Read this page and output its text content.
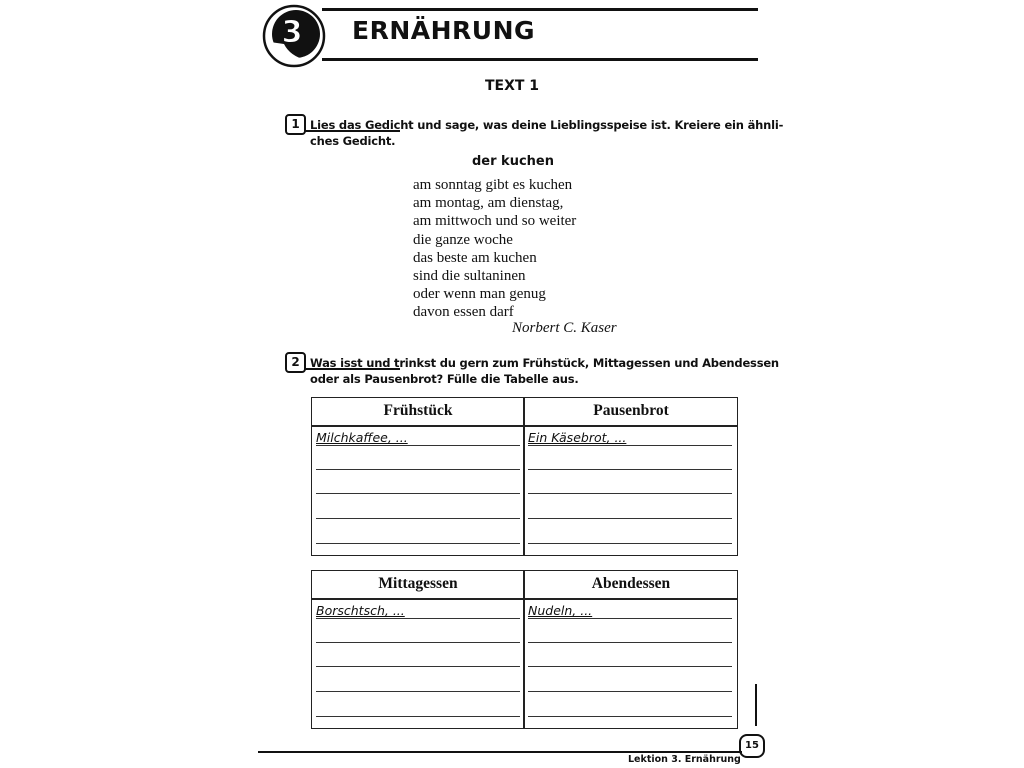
3 ERNÄHRUNG
TEXT 1
1 Lies das Gedicht und sage, was deine Lieblingsspeise ist. Kreiere ein ähnli-
ches Gedicht.
der kuchen
am sonntag gibt es kuchen
am montag, am dienstag,
am mittwoch und so weiter
die ganze woche
das beste am kuchen
sind die sultaninen
oder wenn man genug
davon essen darf
Norbert C. Kaser
2 Was isst und trinkst du gern zum Frühstück, Mittagessen und Abendessen
oder als Pausenbrot? Fülle die Tabelle aus.
Frühstück	Pausenbrot
Milchkaffee, ...	Ein Käsebrot, ...
Mittagessen	Abendessen
Borschtsch, ...	Nudeln, ...
15
Lektion 3. Ernährung
